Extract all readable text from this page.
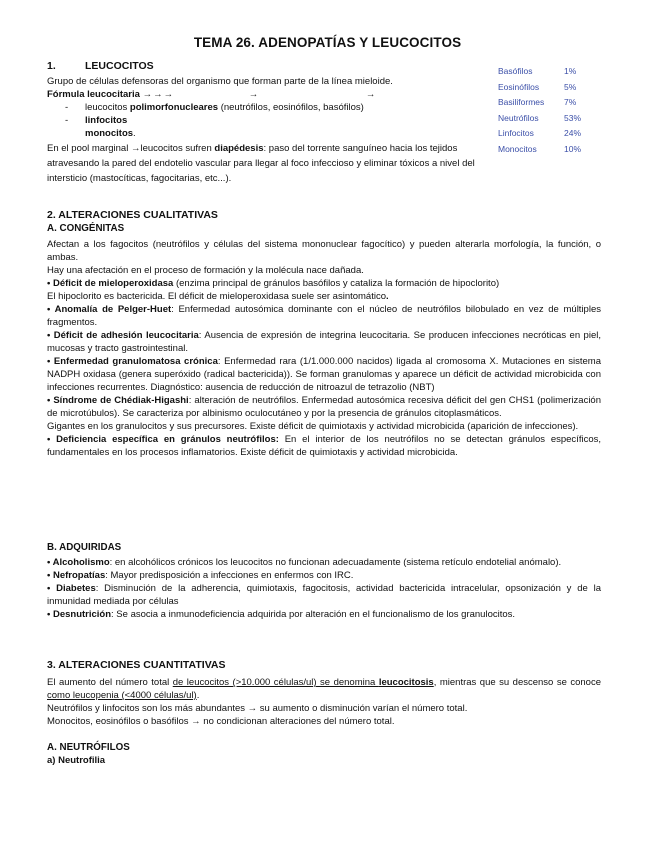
TEMA 26. ADENOPATÍAS Y LEUCOCITOS

1.	LEUCOCITOS

Grupo de células defensoras del organismo que forman parte de la línea mieloide.

Fórmula leucocitaria →→→	→	→

- leucocitos polimorfonucleares (neutrófilos, eosinófilos, basófilos)

- linfocitos

monocitos.

En el pool marginal →leucocitos sufren diapédesis: paso del torrente sanguíneo hacia los tejidos atravesando la pared del endotelio vascular para llegar al foco infeccioso y eliminar tóxicos a nivel del intersticio (mastocíticas, fagocitarias, etc...).

Basófilos	1%
Eosinófilos	5%
Basiliformes	7%
Neutrófilos	53%
Linfocitos	24%
Monocitos	10%

2. ALTERACIONES CUALITATIVAS

A. CONGÉNITAS

Afectan a los fagocitos (neutrófilos y células del sistema mononuclear fagocítico) y pueden alterarla morfología, la función, o ambas.

Hay una afectación en el proceso de formación y la molécula nace dañada.

• Déficit de mieloperoxidasa (enzima principal de gránulos basófilos y cataliza la formación de hipoclorito)

El hipoclorito es bactericida. El déficit de mieloperoxidasa suele ser asintomático.

• Anomalía de Pelger-Huet: Enfermedad autosómica dominante con el núcleo de neutrófilos bilobulado en vez de múltiples fragmentos.

• Déficit de adhesión leucocitaria: Ausencia de expresión de integrina leucocitaria. Se producen infecciones necróticas en piel, mucosas y tracto gastrointestinal.

• Enfermedad granulomatosa crónica: Enfermedad rara (1/1.000.000 nacidos) ligada al cromosoma X. Mutaciones en sistema NADPH oxidasa (genera superóxido (radical bactericida)). Se forman granulomas y aparece un déficit de actividad microbicida con infecciones recurrentes. Diagnóstico: ausencia de reducción de nitroazul de tetrazolio (NBT)

• Síndrome de Chédiak-Higashi: alteración de neutrófilos. Enfermedad autosómica recesiva déficit del gen CHS1 (polimerización de microtúbulos). Se caracteriza por albinismo oculocutáneo y por la presencia de gránulos citoplasmáticos.

Gigantes en los granulocitos y sus precursores. Existe déficit de quimiotaxis y actividad microbicida (aparición de infecciones).

• Deficiencia específica en gránulos neutrófilos: En el interior de los neutrófilos no se detectan gránulos específicos, fundamentales en los procesos inflamatorios. Existe déficit de quimiotaxis y actividad microbicida.

B. ADQUIRIDAS

• Alcoholismo: en alcohólicos crónicos los leucocitos no funcionan adecuadamente (sistema retículo endotelial anómalo).

• Nefropatías: Mayor predisposición a infecciones en enfermos con IRC.

• Diabetes: Disminución de la adherencia, quimiotaxis, fagocitosis, actividad bactericida intracelular, opsonización y de la inmunidad mediada por células

• Desnutrición: Se asocia a inmunodeficiencia adquirida por alteración en el funcionalismo de los granulocitos.

3. ALTERACIONES CUANTITATIVAS

El aumento del número total de leucocitos (>10.000 células/ul) se denomina leucocitosis, mientras que su descenso se conoce como leucopenia (<4000 células/ul).

Neutrófilos y linfocitos son los más abundantes → su aumento o disminución varían el número total.

Monocitos, eosinófilos o basófilos → no condicionan alteraciones del número total.

A. NEUTRÓFILOS

a) Neutrofilia
